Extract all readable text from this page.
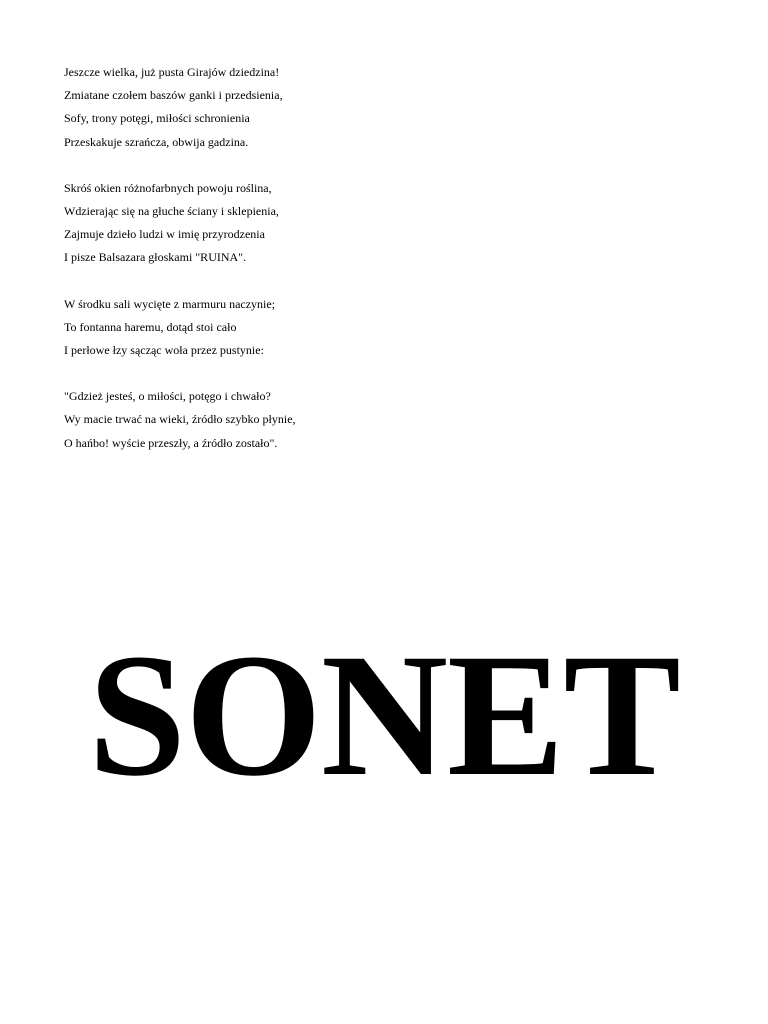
Jeszcze wielka, już pusta Girajów dziedzina!
Zmiatane czołem baszów ganki i przedsienia,
Sofy, trony potęgi, miłości schronienia
Przeskakuje szrańcza, obwija gadzina.
Skróś okien różnofarbnych powoju roślina,
Wdzierając się na głuche ściany i sklepienia,
Zajmuje dzieło ludzi w imię przyrodzenia
I pisze Balsazara głoskami "RUINA".
W środku sali wycięte z marmuru naczynie;
To fontanna haremu, dotąd stoi cało
I perłowe łzy sącząc woła przez pustynie:
"Gdzież jesteś, o miłości, potęgo i chwało?
Wy macie trwać na wieki, źródło szybko płynie,
O hańbo! wyście przeszły, a źródło zostało".
SONET
